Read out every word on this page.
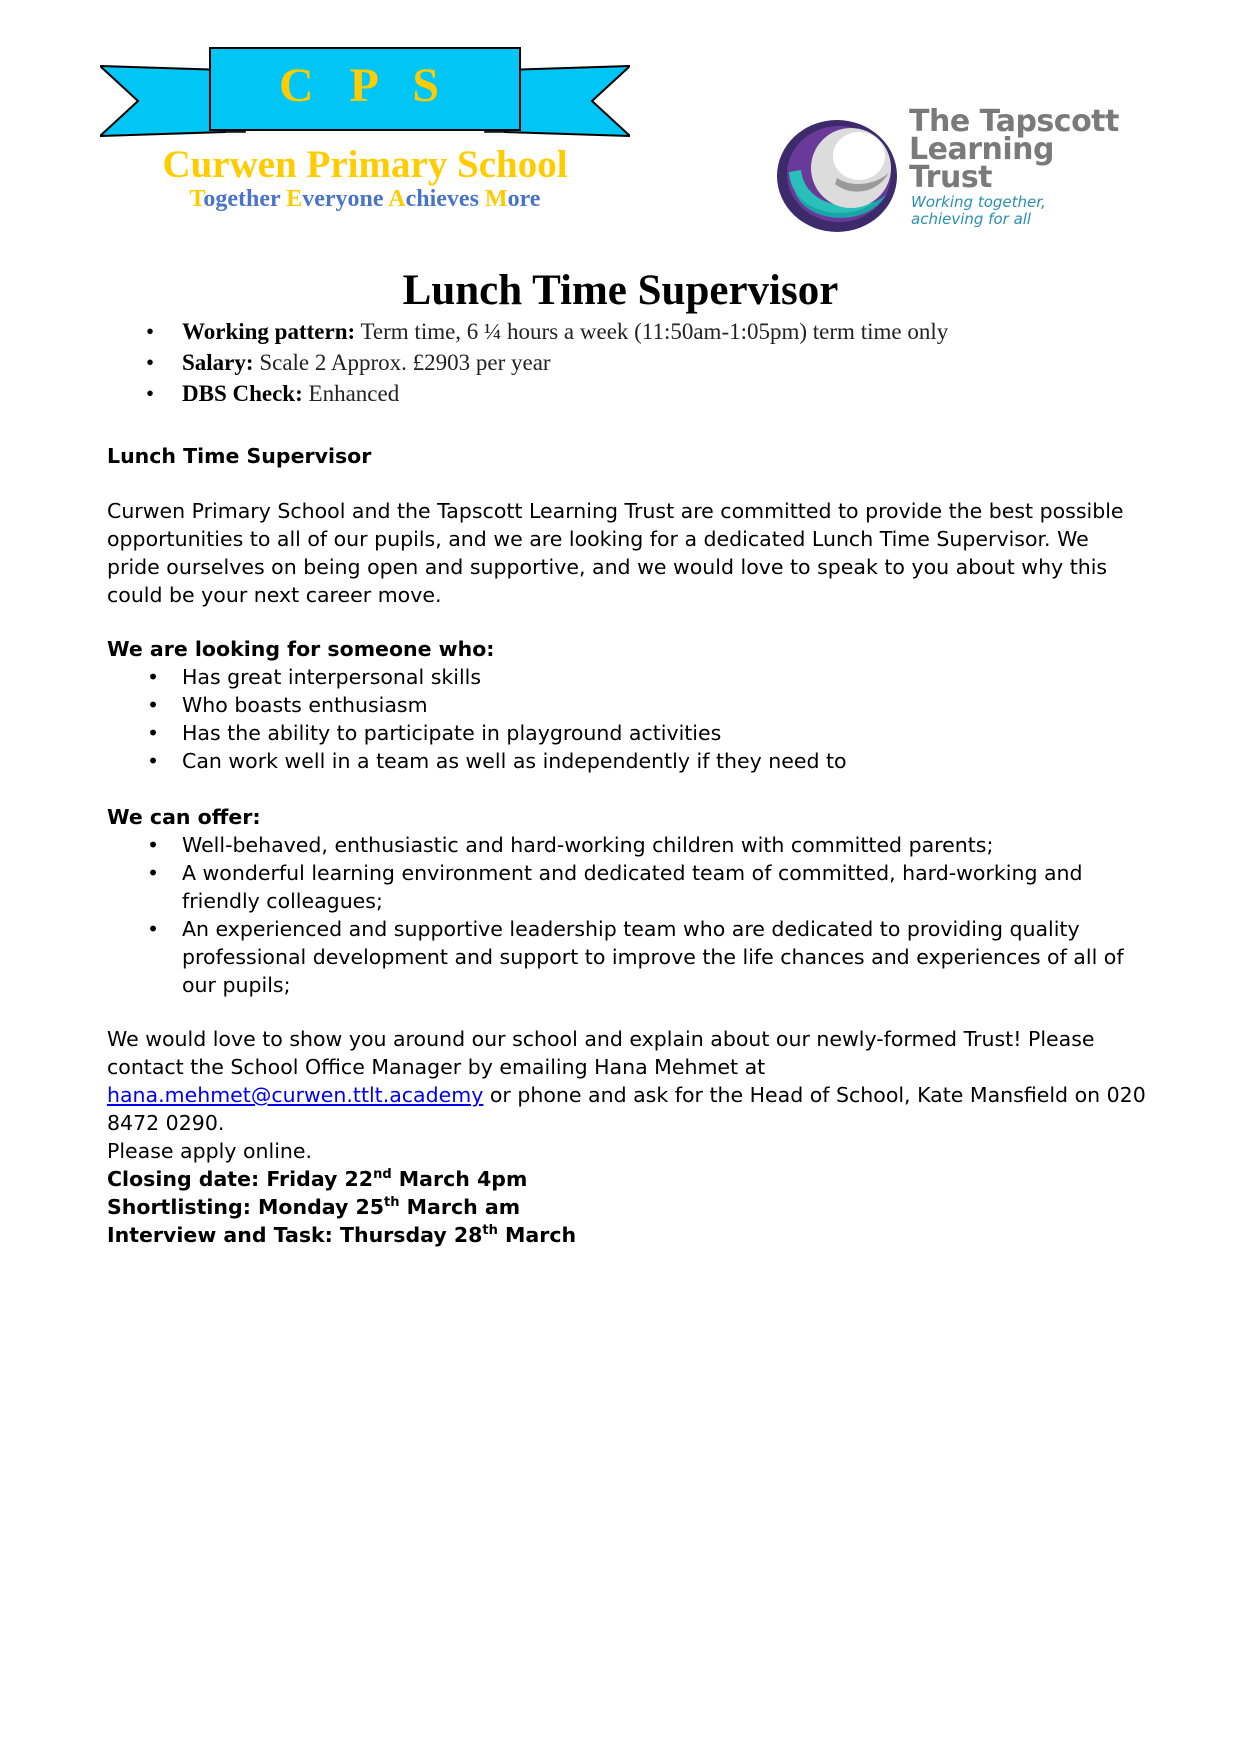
C P S
Curwen Primary School
Together Everyone Achieves More
The Tapscott
Learning
Trust
Working together,
achieving for all
Lunch Time Supervisor
• Working pattern: Term time, 6 ¼ hours a week (11:50am-1:05pm) term time only
• Salary: Scale 2 Approx. £2903 per year
• DBS Check: Enhanced

Lunch Time Supervisor

Curwen Primary School and the Tapscott Learning Trust are committed to provide the best possible opportunities to all of our pupils, and we are looking for a dedicated Lunch Time Supervisor. We pride ourselves on being open and supportive, and we would love to speak to you about why this could be your next career move.

We are looking for someone who:

• Has great interpersonal skills
• Who boasts enthusiasm
• Has the ability to participate in playground activities
• Can work well in a team as well as independently if they need to

We can offer:

• Well-behaved, enthusiastic and hard-working children with committed parents;
• A wonderful learning environment and dedicated team of committed, hard-working and friendly colleagues;
• An experienced and supportive leadership team who are dedicated to providing quality professional development and support to improve the life chances and experiences of all of our pupils;

We would love to show you around our school and explain about our newly-formed Trust! Please contact the School Office Manager by emailing Hana Mehmet at hana.mehmet@curwen.ttlt.academy or phone and ask for the Head of School, Kate Mansfield on 020 8472 0290.

Please apply online.

Closing date: Friday 22nd March 4pm

Shortlisting: Monday 25th March am

Interview and Task: Thursday 28th March
